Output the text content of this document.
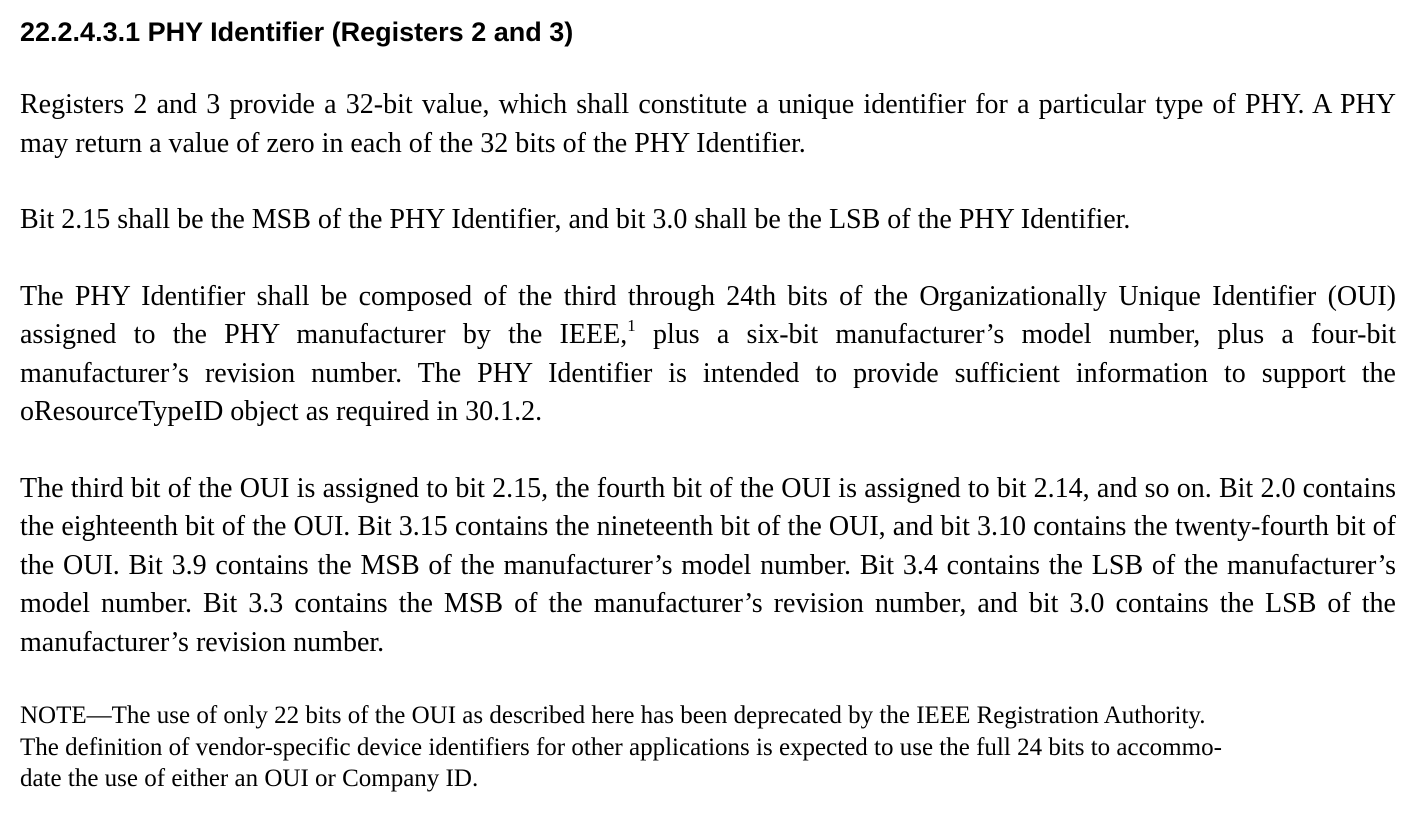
22.2.4.3.1 PHY Identifier (Registers 2 and 3)

Registers 2 and 3 provide a 32-bit value, which shall constitute a unique identifier for a particular type of PHY. A PHY may return a value of zero in each of the 32 bits of the PHY Identifier.

Bit 2.15 shall be the MSB of the PHY Identifier, and bit 3.0 shall be the LSB of the PHY Identifier.

The PHY Identifier shall be composed of the third through 24th bits of the Organizationally Unique Identifier (OUI) assigned to the PHY manufacturer by the IEEE,$^1$ plus a six-bit manufacturer’s model number, plus a four-bit manufacturer’s revision number. The PHY Identifier is intended to provide sufficient information to support the oResourceTypeID object as required in 30.1.2.

The third bit of the OUI is assigned to bit 2.15, the fourth bit of the OUI is assigned to bit 2.14, and so on. Bit 2.0 contains the eighteenth bit of the OUI. Bit 3.15 contains the nineteenth bit of the OUI, and bit 3.10 contains the twenty-fourth bit of the OUI. Bit 3.9 contains the MSB of the manufacturer’s model number. Bit 3.4 contains the LSB of the manufacturer’s model number. Bit 3.3 contains the MSB of the manufacturer’s revision number, and bit 3.0 contains the LSB of the manufacturer’s revision number.

NOTE—The use of only 22 bits of the OUI as described here has been deprecated by the IEEE Registration Authority.
The definition of vendor-specific device identifiers for other applications is expected to use the full 24 bits to accommo-
date the use of either an OUI or Company ID.
